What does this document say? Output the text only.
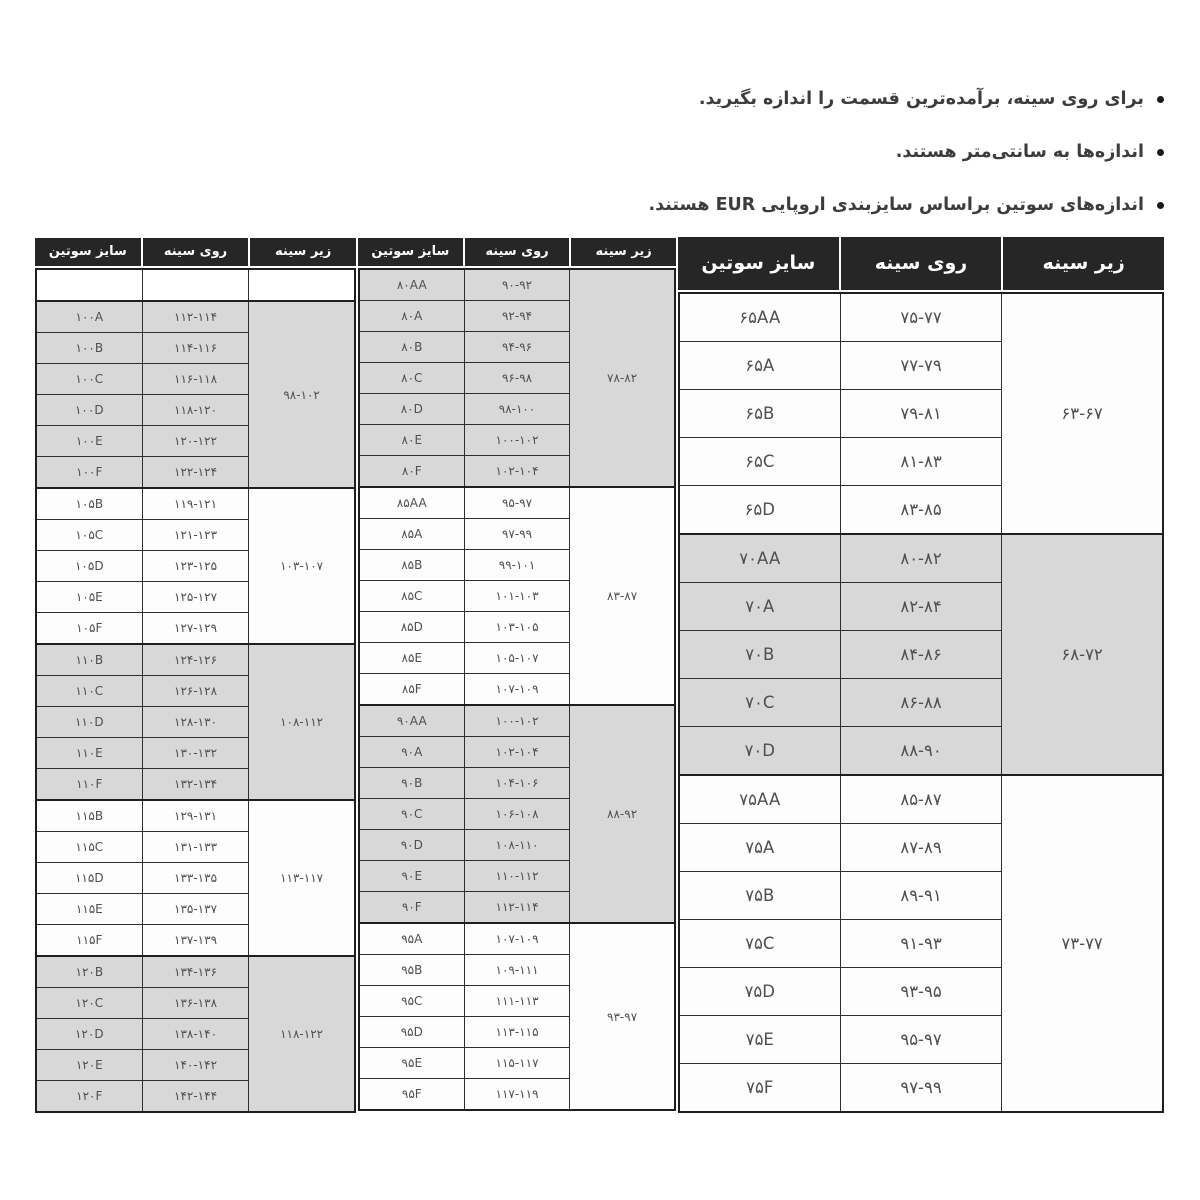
برای روی سینه، برآمده‌ترین قسمت را اندازه بگیرید.
اندازه‌ها به سانتی‌متر هستند.
اندازه‌های سوتین براساس سایزبندی اروپایی EUR هستند.
زیر سینه
روی سینه
سایز سوتین
۶۳-۶۷	۷۵-۷۷	۶۵AA
	۷۷-۷۹	۶۵A
	۷۹-۸۱	۶۵B
	۸۱-۸۳	۶۵C
	۸۳-۸۵	۶۵D
۶۸-۷۲	۸۰-۸۲	۷۰AA
	۸۲-۸۴	۷۰A
	۸۴-۸۶	۷۰B
	۸۶-۸۸	۷۰C
	۸۸-۹۰	۷۰D
۷۳-۷۷	۸۵-۸۷	۷۵AA
	۸۷-۸۹	۷۵A
	۸۹-۹۱	۷۵B
	۹۱-۹۳	۷۵C
	۹۳-۹۵	۷۵D
	۹۵-۹۷	۷۵E
	۹۷-۹۹	۷۵F
زیر سینه
روی سینه
سایز سوتین
۷۸-۸۲	۹۰-۹۲	۸۰AA
	۹۲-۹۴	۸۰A
	۹۴-۹۶	۸۰B
	۹۶-۹۸	۸۰C
	۹۸-۱۰۰	۸۰D
	۱۰۰-۱۰۲	۸۰E
	۱۰۲-۱۰۴	۸۰F
۸۳-۸۷	۹۵-۹۷	۸۵AA
	۹۷-۹۹	۸۵A
	۹۹-۱۰۱	۸۵B
	۱۰۱-۱۰۳	۸۵C
	۱۰۳-۱۰۵	۸۵D
	۱۰۵-۱۰۷	۸۵E
	۱۰۷-۱۰۹	۸۵F
۸۸-۹۲	۱۰۰-۱۰۲	۹۰AA
	۱۰۲-۱۰۴	۹۰A
	۱۰۴-۱۰۶	۹۰B
	۱۰۶-۱۰۸	۹۰C
	۱۰۸-۱۱۰	۹۰D
	۱۱۰-۱۱۲	۹۰E
	۱۱۲-۱۱۴	۹۰F
۹۳-۹۷	۱۰۷-۱۰۹	۹۵A
	۱۰۹-۱۱۱	۹۵B
	۱۱۱-۱۱۳	۹۵C
	۱۱۳-۱۱۵	۹۵D
	۱۱۵-۱۱۷	۹۵E
	۱۱۷-۱۱۹	۹۵F
زیر سینه
روی سینه
سایز سوتین

۹۸-۱۰۲	۱۱۲-۱۱۴	۱۰۰A
	۱۱۴-۱۱۶	۱۰۰B
	۱۱۶-۱۱۸	۱۰۰C
	۱۱۸-۱۲۰	۱۰۰D
	۱۲۰-۱۲۲	۱۰۰E
	۱۲۲-۱۲۴	۱۰۰F
۱۰۳-۱۰۷	۱۱۹-۱۲۱	۱۰۵B
	۱۲۱-۱۲۳	۱۰۵C
	۱۲۳-۱۲۵	۱۰۵D
	۱۲۵-۱۲۷	۱۰۵E
	۱۲۷-۱۲۹	۱۰۵F
۱۰۸-۱۱۲	۱۲۴-۱۲۶	۱۱۰B
	۱۲۶-۱۲۸	۱۱۰C
	۱۲۸-۱۳۰	۱۱۰D
	۱۳۰-۱۳۲	۱۱۰E
	۱۳۲-۱۳۴	۱۱۰F
۱۱۳-۱۱۷	۱۲۹-۱۳۱	۱۱۵B
	۱۳۱-۱۳۳	۱۱۵C
	۱۳۳-۱۳۵	۱۱۵D
	۱۳۵-۱۳۷	۱۱۵E
	۱۳۷-۱۳۹	۱۱۵F
۱۱۸-۱۲۲	۱۳۴-۱۳۶	۱۲۰B
	۱۳۶-۱۳۸	۱۲۰C
	۱۳۸-۱۴۰	۱۲۰D
	۱۴۰-۱۴۲	۱۲۰E
	۱۴۲-۱۴۴	۱۲۰F
